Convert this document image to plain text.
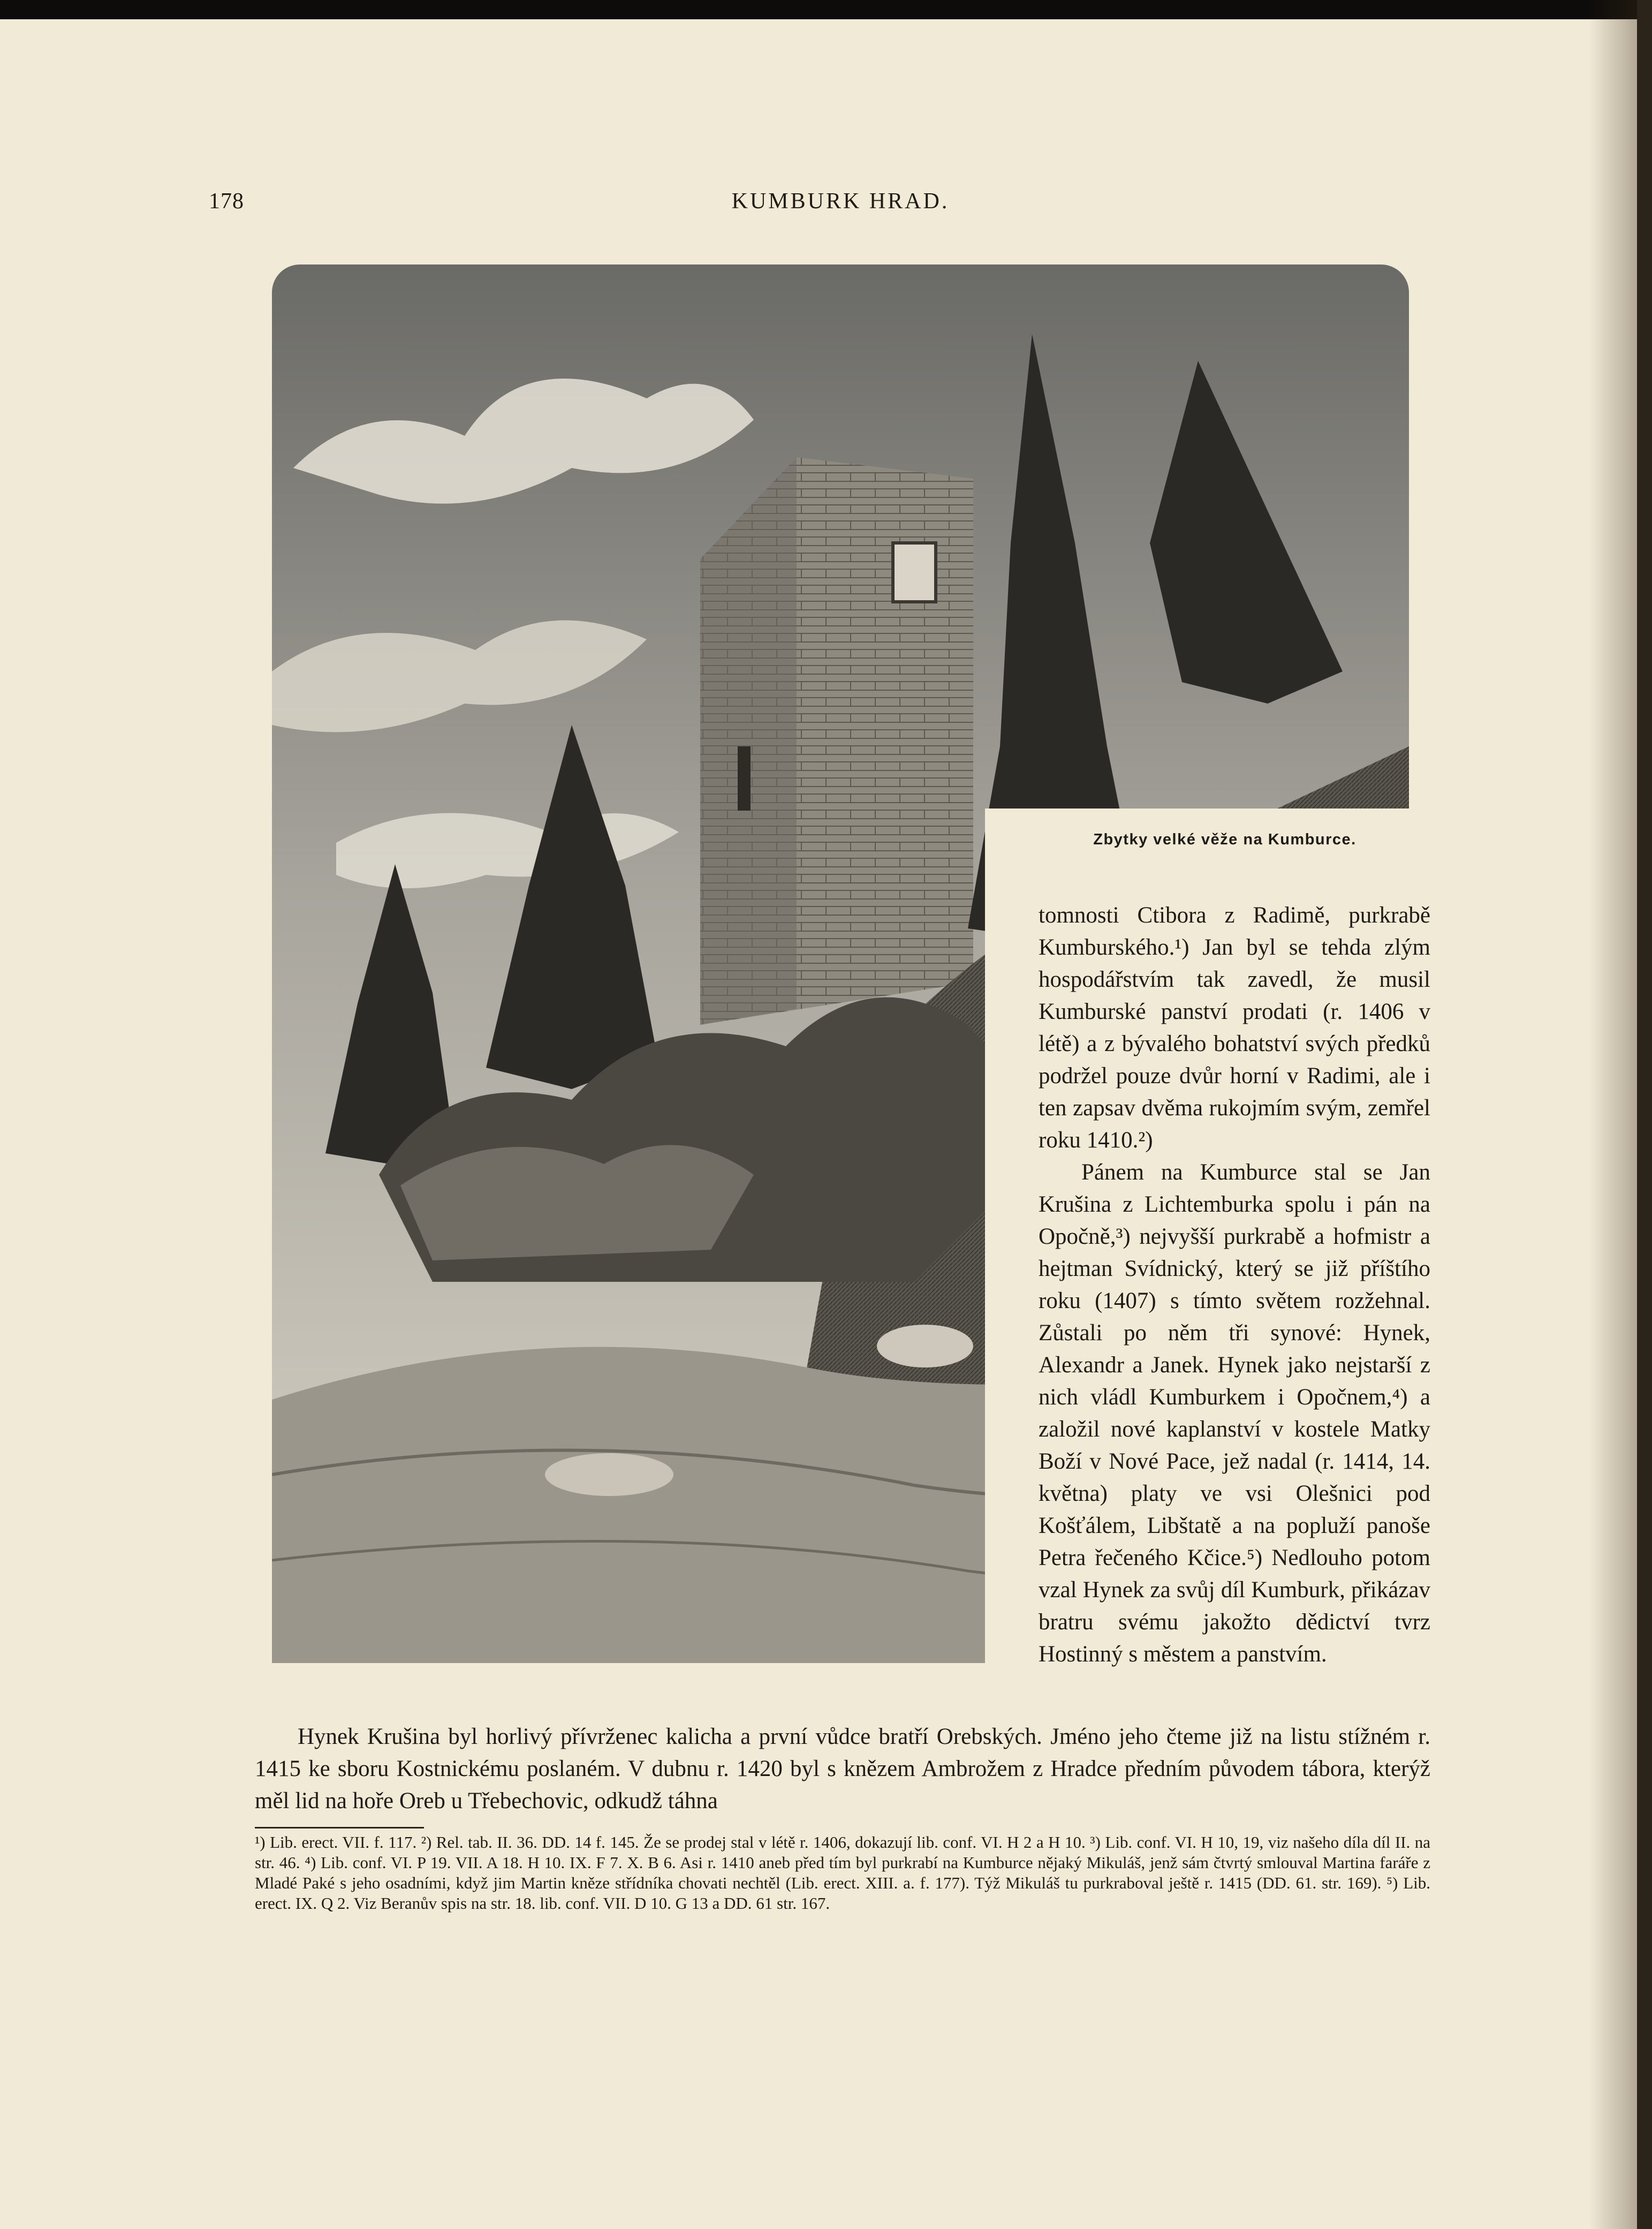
178	KUMBURK HRAD.
Zbytky velké věže na Kumburce.

tomnosti Ctibora z Radimě, purkrabě Kumburského.¹) Jan byl se tehda zlým hospodářstvím tak zavedl, že musil Kumburské panství prodati (r. 1406 v létě) a z bývalého bohatství svých předků podržel pouze dvůr horní v Radimi, ale i ten zapsav dvěma rukojmím svým, zemřel roku 1410.²)

Pánem na Kumburce stal se Jan Krušina z Lichtemburka spolu i pán na Opočně,³) nejvyšší purkrabě a hofmistr a hejtman Svídnický, který se již příštího roku (1407) s tímto světem rozžehnal. Zůstali po něm tři synové: Hynek, Alexandr a Janek. Hynek jako nejstarší z nich vládl Kumburkem i Opočnem,⁴) a založil nové kaplanství v kostele Matky Boží v Nové Pace, jež nadal (r. 1414, 14. května) platy ve vsi Olešnici pod Košťálem, Libštatě a na popluží panoše Petra řečeného Kčice.⁵) Nedlouho potom vzal Hynek za svůj díl Kumburk, přikázav bratru svému jakožto dědictví tvrz Hostinný s městem a panstvím.

Hynek Krušina byl horlivý přívrženec kalicha a první vůdce bratří Orebských. Jméno jeho čteme již na listu stížném r. 1415 ke sboru Kostnickému poslaném. V dubnu r. 1420 byl s knězem Ambrožem z Hradce předním původem tábora, kterýž měl lid na hoře Oreb u Třebechovic, odkudž táhna

¹) Lib. erect. VII. f. 117. ²) Rel. tab. II. 36. DD. 14 f. 145. Že se prodej stal v létě r. 1406, dokazují lib. conf. VI. H 2 a H 10. ³) Lib. conf. VI. H 10, 19, viz našeho díla díl II. na str. 46. ⁴) Lib. conf. VI. P 19. VII. A 18. H 10. IX. F 7. X. B 6. Asi r. 1410 aneb před tím byl purkrabí na Kumburce nějaký Mikuláš, jenž sám čtvrtý smlouval Martina faráře z Mladé Paké s jeho osadními, když jim Martin kněze střídníka chovati nechtěl (Lib. erect. XIII. a. f. 177). Týž Mikuláš tu purkraboval ještě r. 1415 (DD. 61. str. 169). ⁵) Lib. erect. IX. Q 2. Viz Beranův spis na str. 18. lib. conf. VII. D 10. G 13 a DD. 61 str. 167.
